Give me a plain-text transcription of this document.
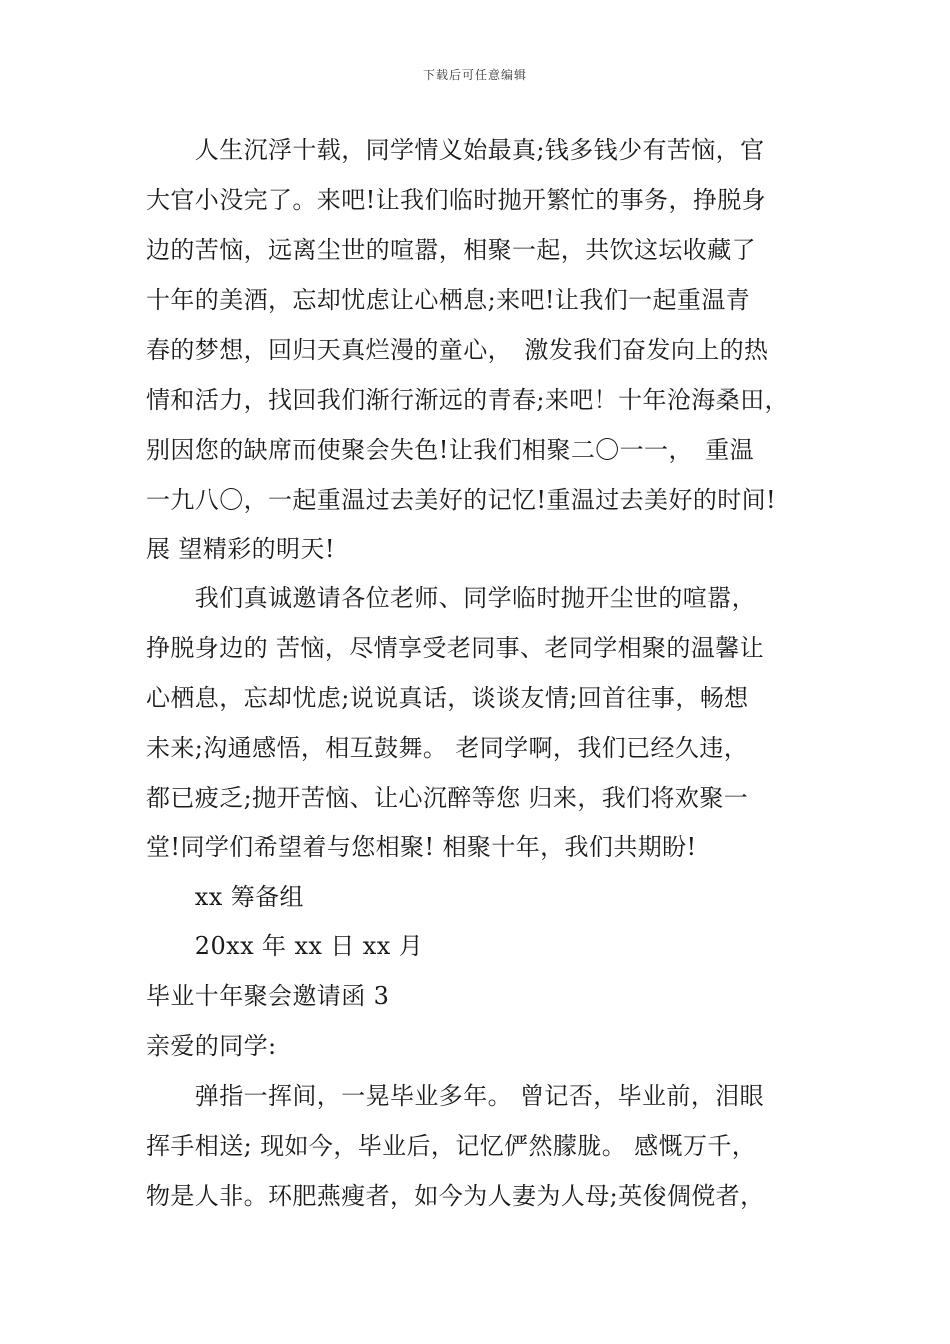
下载后可任意编辑
　　人生沉浮十载，同学情义始最真;钱多钱少有苦恼，官
大官小没完了。来吧!让我们临时抛开繁忙的事务，挣脱身
边的苦恼，远离尘世的喧嚣，相聚一起，共饮这坛收藏了
十年的美酒，忘却忧虑让心栖息;来吧!让我们一起重温青
春的梦想，回归天真烂漫的童心，　激发我们奋发向上的热
情和活力，找回我们渐行渐远的青春;来吧！十年沧海桑田，
别因您的缺席而使聚会失色!让我们相聚二〇一一，　重温
一九八〇，一起重温过去美好的记忆!重温过去美好的时间!
展 望精彩的明天!
　　我们真诚邀请各位老师、同学临时抛开尘世的喧嚣，
挣脱身边的 苦恼，尽情享受老同事、老同学相聚的温馨让
心栖息，忘却忧虑;说说真话，谈谈友情;回首往事，畅想
未来;沟通感悟，相互鼓舞。 老同学啊，我们已经久违，
都已疲乏;抛开苦恼、让心沉醉等您 归来，我们将欢聚一
堂!同学们希望着与您相聚! 相聚十年，我们共期盼!
　　xx 筹备组
　　20xx 年 xx 日 xx 月
毕业十年聚会邀请函 3
亲爱的同学:
　　弹指一挥间，一晃毕业多年。 曾记否，毕业前，泪眼
挥手相送; 现如今，毕业后，记忆俨然朦胧。 感慨万千，
物是人非。环肥燕瘦者，如今为人妻为人母;英俊倜傥者，
